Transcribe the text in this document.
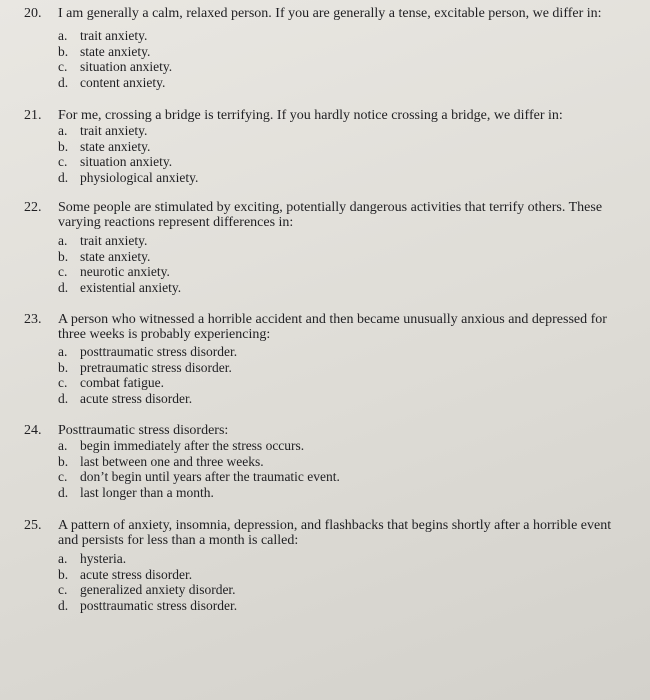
20. I am generally a calm, relaxed person. If you are generally a tense, excitable person, we differ in:
a. trait anxiety.
b. state anxiety.
c. situation anxiety.
d. content anxiety.
21. For me, crossing a bridge is terrifying. If you hardly notice crossing a bridge, we differ in:
a. trait anxiety.
b. state anxiety.
c. situation anxiety.
d. physiological anxiety.
22. Some people are stimulated by exciting, potentially dangerous activities that terrify others. These varying reactions represent differences in:
a. trait anxiety.
b. state anxiety.
c. neurotic anxiety.
d. existential anxiety.
23. A person who witnessed a horrible accident and then became unusually anxious and depressed for three weeks is probably experiencing:
a. posttraumatic stress disorder.
b. pretraumatic stress disorder.
c. combat fatigue.
d. acute stress disorder.
24. Posttraumatic stress disorders:
a. begin immediately after the stress occurs.
b. last between one and three weeks.
c. don’t begin until years after the traumatic event.
d. last longer than a month.
25. A pattern of anxiety, insomnia, depression, and flashbacks that begins shortly after a horrible event and persists for less than a month is called:
a. hysteria.
b. acute stress disorder.
c. generalized anxiety disorder.
d. posttraumatic stress disorder.
